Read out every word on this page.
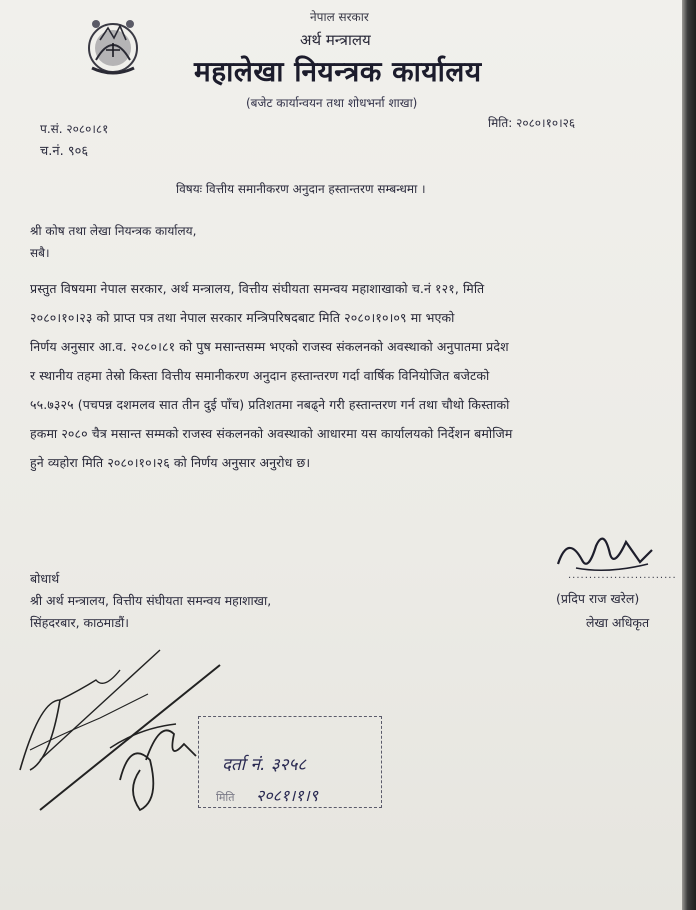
नेपाल सरकार
अर्थ मन्त्रालय
महालेखा नियन्त्रक कार्यालय
(बजेट कार्यान्वयन तथा शोधभर्ना शाखा)
प.सं. २०८०।८१
च.नं. ९०६
मिति: २०८०।१०।२६
विषयः वित्तीय समानीकरण अनुदान हस्तान्तरण सम्बन्धमा ।
श्री कोष तथा लेखा नियन्त्रक कार्यालय,
सबै।
प्रस्तुत विषयमा नेपाल सरकार, अर्थ मन्त्रालय, वित्तीय संघीयता समन्वय महाशाखाको च.नं १२१, मिति
२०८०।१०।२३ को प्राप्त पत्र तथा नेपाल सरकार मन्त्रिपरिषदबाट मिति २०८०।१०।०९ मा भएको
निर्णय अनुसार आ.व. २०८०।८१ को पुष मसान्तसम्म भएको राजस्व संकलनको अवस्थाको अनुपातमा प्रदेश
र स्थानीय तहमा तेस्रो किस्ता वित्तीय समानीकरण अनुदान हस्तान्तरण गर्दा वार्षिक विनियोजित बजेटको
५५.७३२५ (पचपन्न दशमलव सात तीन दुई पाँच) प्रतिशतमा नबढ्ने गरी हस्तान्तरण गर्न तथा चौथो किस्ताको
हकमा २०८० चैत्र मसान्त सम्मको राजस्व संकलनको अवस्थाको आधारमा यस कार्यालयको निर्देशन बमोजिम
हुने व्यहोरा मिति २०८०।१०।२६ को निर्णय अनुसार अनुरोध छ।
..........................
(प्रदिप राज खरेल)
लेखा अधिकृत
बोधार्थ
श्री अर्थ मन्त्रालय, वित्तीय संघीयता समन्वय महाशाखा,
सिंहदरबार, काठमाडौं।
दर्ता नं. ३२५८
मिति २०८१।१।९
